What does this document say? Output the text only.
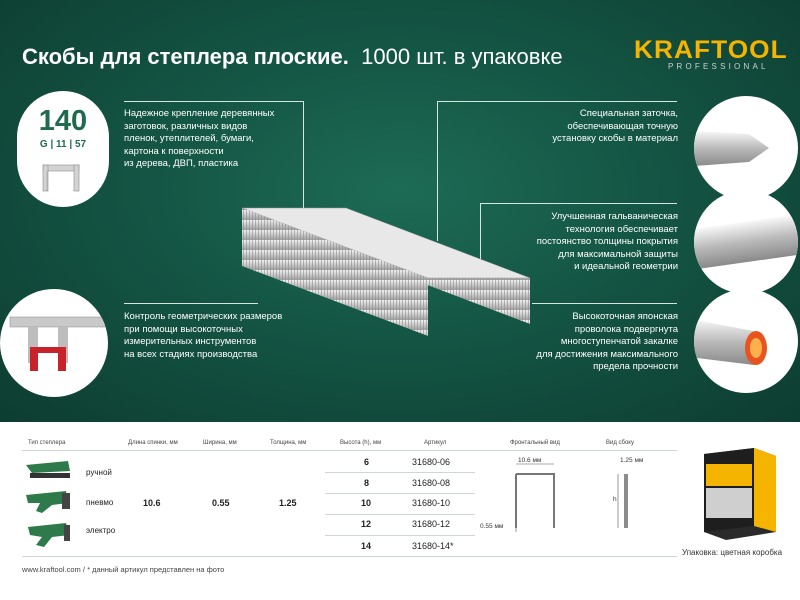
Скобы для степлера плоские. 1000 шт. в упаковке	KRAFTOOL
PROFESSIONAL
140
G | 11 | 57
Надежное крепление деревянных
заготовок, различных видов
пленок, утеплителей, бумаги,
картона к поверхности
из дерева, ДВП, пластика
Контроль геометрических размеров
при помощи высокоточных
измерительных инструментов
на всех стадиях производства
Специальная заточка,
обеспечивающая точную
установку скобы в материал
Улучшенная гальваническая
технология обеспечивает
постоянство толщины покрытия
для максимальной защиты
и идеальной геометрии
Высокоточная японская
проволока подвергнута
многоступенчатой закалке
для достижения максимального
предела прочности
Тип степлера	Длина спинки, мм	Ширина, мм	Толщина, мм	Высота (h), мм	Артикул	Фронтальный вид	Вид сбоку
ручной
пневмо
электро
10.6	0.55	1.25
6	31680-06
8	31680-08
10	31680-10
12	31680-12
14	31680-14*
10.6 мм
0.55 мм
1.25 мм
h
Упаковка: цветная коробка
www.kraftool.com / * данный артикул представлен на фото
